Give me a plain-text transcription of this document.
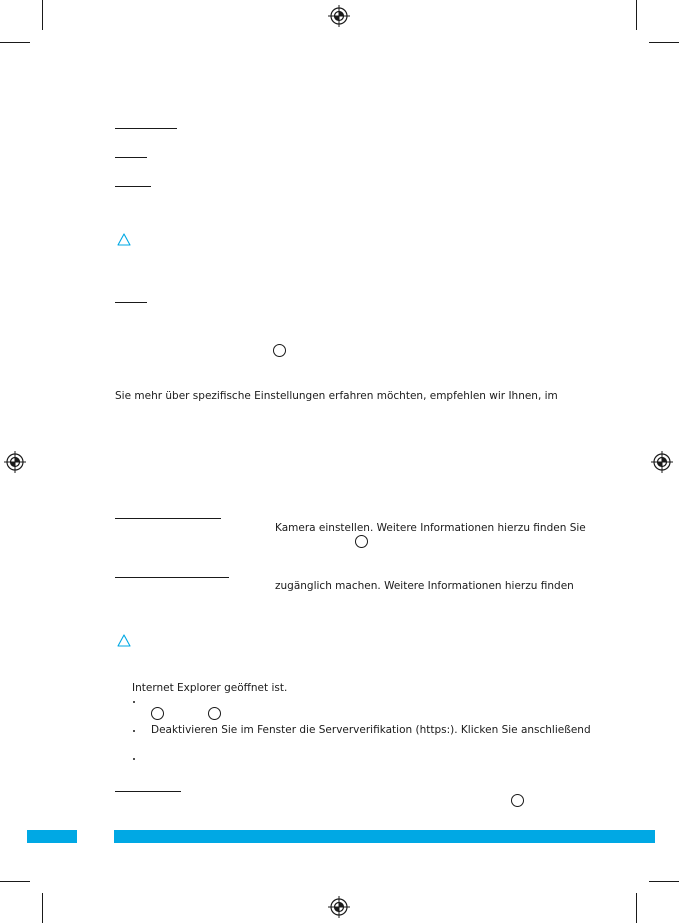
Sie mehr über spezifische Einstellungen erfahren möchten, empfehlen wir Ihnen, im
Kamera einstellen. Weitere Informationen hierzu finden Sie
zugänglich machen. Weitere Informationen hierzu finden
Internet Explorer geöffnet ist.
Deaktivieren Sie im Fenster die Serververifikation (https:). Klicken Sie anschließend
